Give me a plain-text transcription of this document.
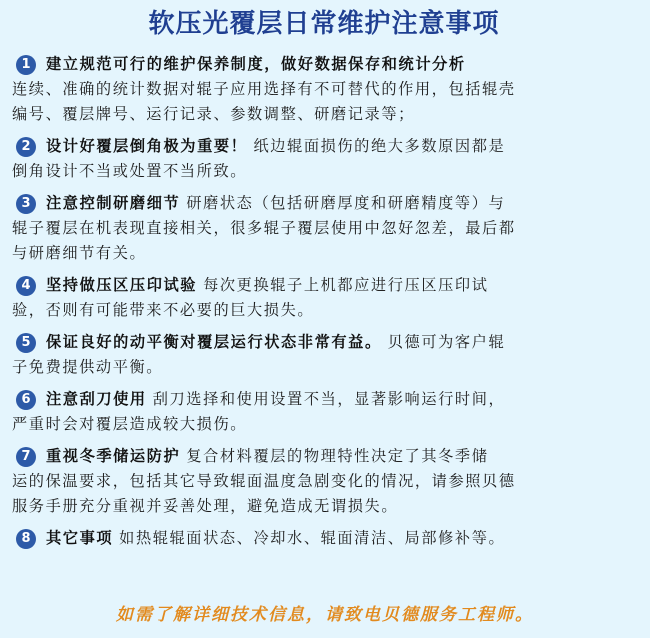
软压光覆层日常维护注意事项
1 建立规范可行的维护保养制度，做好数据保存和统计分析
连续、准确的统计数据对辊子应用选择有不可替代的作用，包括辊壳
编号、覆层牌号、运行记录、参数调整、研磨记录等；
2 设计好覆层倒角极为重要！ 纸边辊面损伤的绝大多数原因都是
倒角设计不当或处置不当所致。
3 注意控制研磨细节 研磨状态（包括研磨厚度和研磨精度等）与
辊子覆层在机表现直接相关，很多辊子覆层使用中忽好忽差，最后都
与研磨细节有关。
4 坚持做压区压印试验 每次更换辊子上机都应进行压区压印试
验，否则有可能带来不必要的巨大损失。
5 保证良好的动平衡对覆层运行状态非常有益。 贝德可为客户辊
子免费提供动平衡。
6 注意刮刀使用 刮刀选择和使用设置不当，显著影响运行时间，
严重时会对覆层造成较大损伤。
7 重视冬季储运防护 复合材料覆层的物理特性决定了其冬季储
运的保温要求，包括其它导致辊面温度急剧变化的情况，请参照贝德
服务手册充分重视并妥善处理，避免造成无谓损失。
8 其它事项 如热辊辊面状态、冷却水、辊面清洁、局部修补等。
如需了解详细技术信息，请致电贝德服务工程师。
